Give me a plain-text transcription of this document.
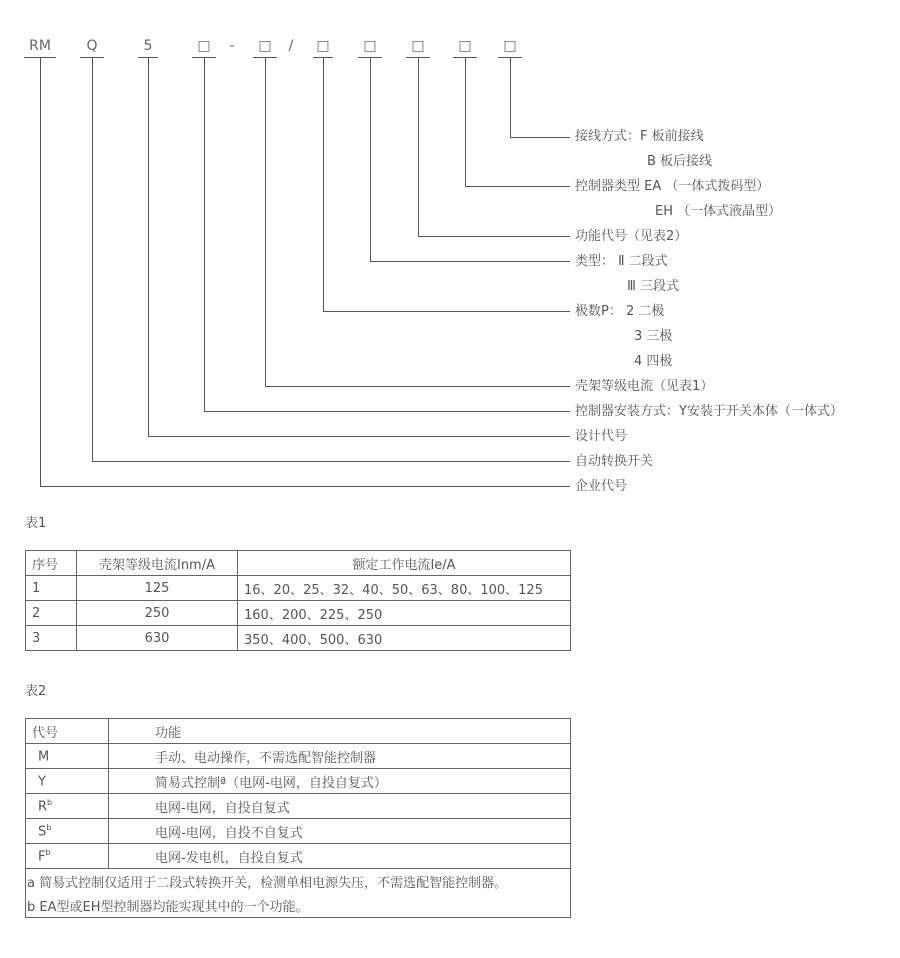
RM	Q	5	□	-	□	/	□	□	□	□	□
接线方式：F 板前接线
B 板后接线
控制器类型 EA （一体式拨码型）
EH （一体式液晶型）
功能代号（见表2）
类型： Ⅱ 二段式
Ⅲ 三段式
极数P： 2 二极
3 三极
4 四极
壳架等级电流（见表1）
控制器安装方式：Y安装于开关本体（一体式）
设计代号
自动转换开关
企业代号
表1
序号	壳架等级电流Inm/A	额定工作电流Ie/A
1	125	16、20、25、32、40、50、63、80、100、125
2	250	160、200、225、250
3	630	350、400、500、630
表2
代号	功能
M	手动、电动操作，不需选配智能控制器
Y	简易式控制ª（电网-电网，自投自复式）
$R^b$	电网-电网，自投自复式
$S^b$	电网-电网，自投不自复式
$F^b$	电网-发电机，自投自复式
a 简易式控制仅适用于二段式转换开关，检测单相电源失压，不需选配智能控制器。	
b EA型或EH型控制器均能实现其中的一个功能。	
